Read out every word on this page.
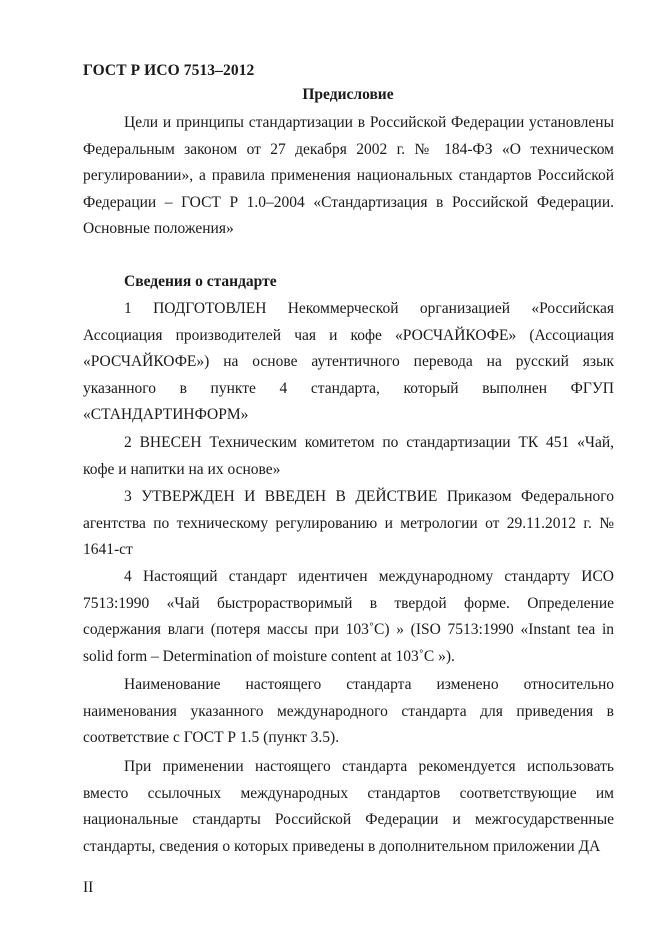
ГОСТ Р ИСО 7513–2012
Предисловие

Цели и принципы стандартизации в Российской Федерации установлены Федеральным законом от 27 декабря 2002 г. № 184-ФЗ «О техническом регулировании», а правила применения национальных стандартов Российской Федерации – ГОСТ Р 1.0–2004 «Стандартизация в Российской Федерации. Основные положения»

Сведения о стандарте

1 ПОДГОТОВЛЕН Некоммерческой организацией «Российская Ассоциация производителей чая и кофе «РОСЧАЙКОФЕ» (Ассоциация «РОСЧАЙКОФЕ») на основе аутентичного перевода на русский язык указанного в пункте 4 стандарта, который выполнен ФГУП «СТАНДАРТИНФОРМ»

2 ВНЕСЕН Техническим комитетом по стандартизации ТК 451 «Чай, кофе и напитки на их основе»

3 УТВЕРЖДЕН И ВВЕДЕН В ДЕЙСТВИЕ Приказом Федерального агентства по техническому регулированию и метрологии от 29.11.2012 г. № 1641-ст

4 Настоящий стандарт идентичен международному стандарту ИСО 7513:1990 «Чай быстрорастворимый в твердой форме. Определение содержания влаги (потеря массы при 103˚С) » (ISO 7513:1990 «Instant tea in solid form – Determination of moisture content at 103˚С »).

Наименование настоящего стандарта изменено относительно наименования указанного международного стандарта для приведения в соответствие с ГОСТ Р 1.5 (пункт 3.5).

При применении настоящего стандарта рекомендуется использовать вместо ссылочных международных стандартов соответствующие им национальные стандарты Российской Федерации и межгосударственные стандарты, сведения о которых приведены в дополнительном приложении ДА

II
